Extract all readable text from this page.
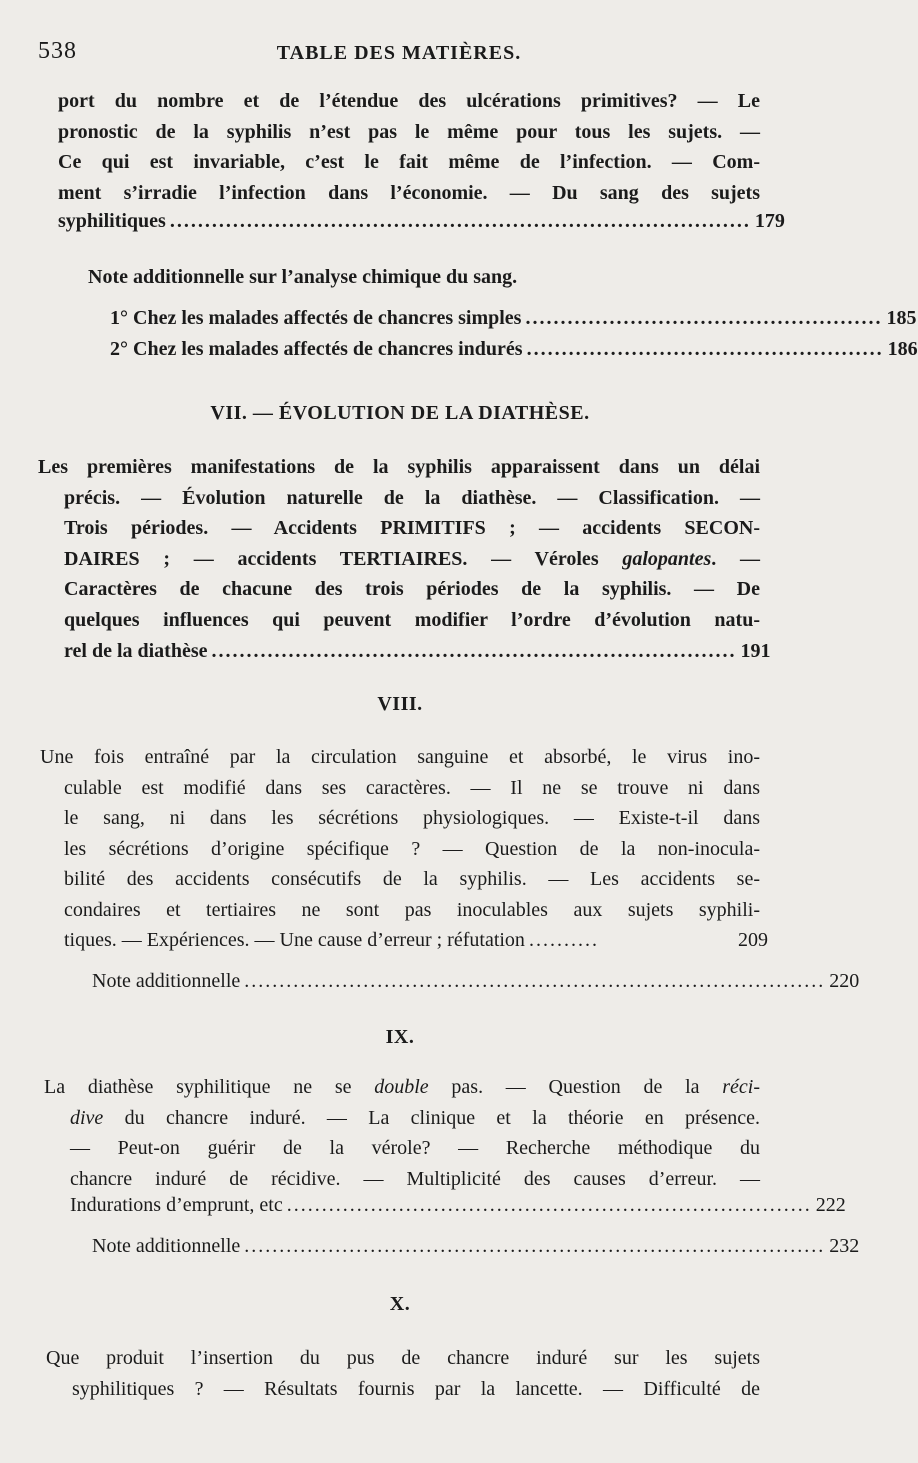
538	TABLE DES MATIÈRES.
port du nombre et de l’étendue des ulcérations primitives? — Le
pronostic de la syphilis n’est pas le même pour tous les sujets. —
Ce qui est invariable, c’est le fait même de l’infection. — Com-
ment s’irradie l’infection dans l’économie. — Du sang des sujets
syphilitiques ................................................................................... 179
Note additionnelle sur l’analyse chimique du sang.
1° Chez les malades affectés de chancres simples ................................................... 185
2° Chez les malades affectés de chancres indurés ................................................... 186
VII. — ÉVOLUTION DE LA DIATHÈSE.
Les premières manifestations de la syphilis apparaissent dans un délai
précis. — Évolution naturelle de la diathèse. — Classification. —
Trois périodes. — Accidents PRIMITIFS ; — accidents SECON-
DAIRES ; — accidents TERTIAIRES. — Véroles galopantes. —
Caractères de chacune des trois périodes de la syphilis. — De
quelques influences qui peuvent modifier l’ordre d’évolution natu-
rel de la diathèse ........................................................................... 191
VIII.
Une fois entraîné par la circulation sanguine et absorbé, le virus ino-
culable est modifié dans ses caractères. — Il ne se trouve ni dans
le sang, ni dans les sécrétions physiologiques. — Existe-t-il dans
les sécrétions d’origine spécifique ? — Question de la non-inocula-
bilité des accidents consécutifs de la syphilis. — Les accidents se-
condaires et tertiaires ne sont pas inoculables aux sujets syphili-
tiques. — Expériences. — Une cause d’erreur ; réfutation ..........	209
Note additionnelle ................................................................................... 220
IX.
La diathèse syphilitique ne se double pas. — Question de la réci-
dive du chancre induré. — La clinique et la théorie en présence.
— Peut-on guérir de la vérole? — Recherche méthodique du
chancre induré de récidive. — Multiplicité des causes d’erreur. —
Indurations d’emprunt, etc ........................................................................... 222
Note additionnelle ................................................................................... 232
X.
Que produit l’insertion du pus de chancre induré sur les sujets
syphilitiques ? — Résultats fournis par la lancette. — Difficulté de
